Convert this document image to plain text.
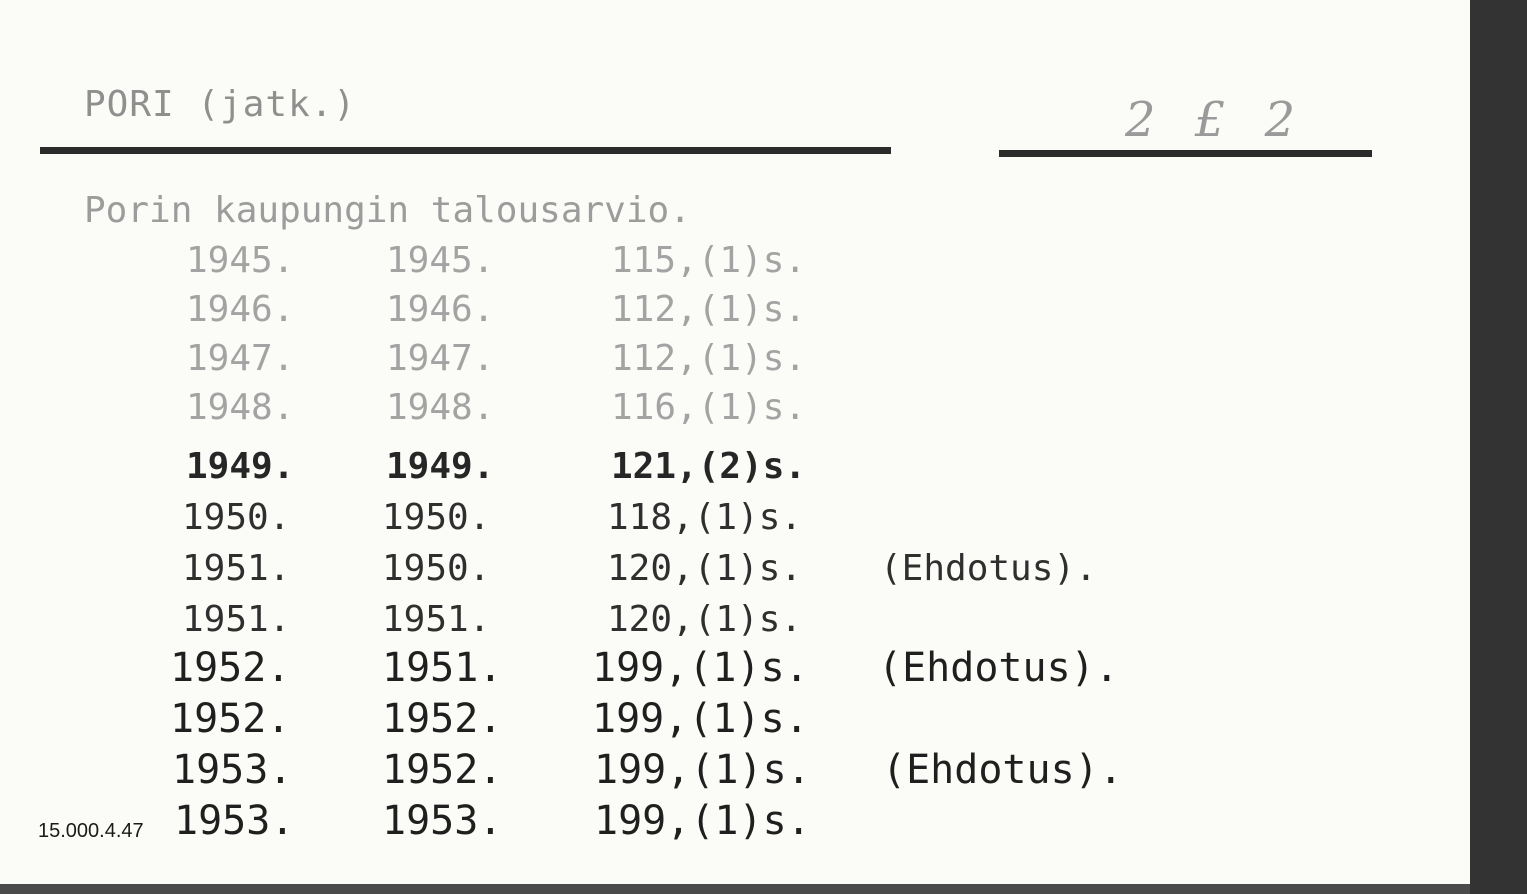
PORI (jatk.)	2 £ 2
Porin kaupungin talousarvio.
1945.	1945.	115,(1)s.
1946.	1946.	112,(1)s.
1947.	1947.	112,(1)s.
1948.	1948.	116,(1)s.
1949.	1949.	121,(2)s.
1950.	1950.	118,(1)s.
1951.	1950.	120,(1)s. (Ehdotus).
1951.	1951.	120,(1)s.
1952. 1951. 199,(1)s. (Ehdotus).
1952. 1952. 199,(1)s.
1953. 1952. 199,(1)s. (Ehdotus).
1953. 1953. 199,(1)s.
15.000.4.47
